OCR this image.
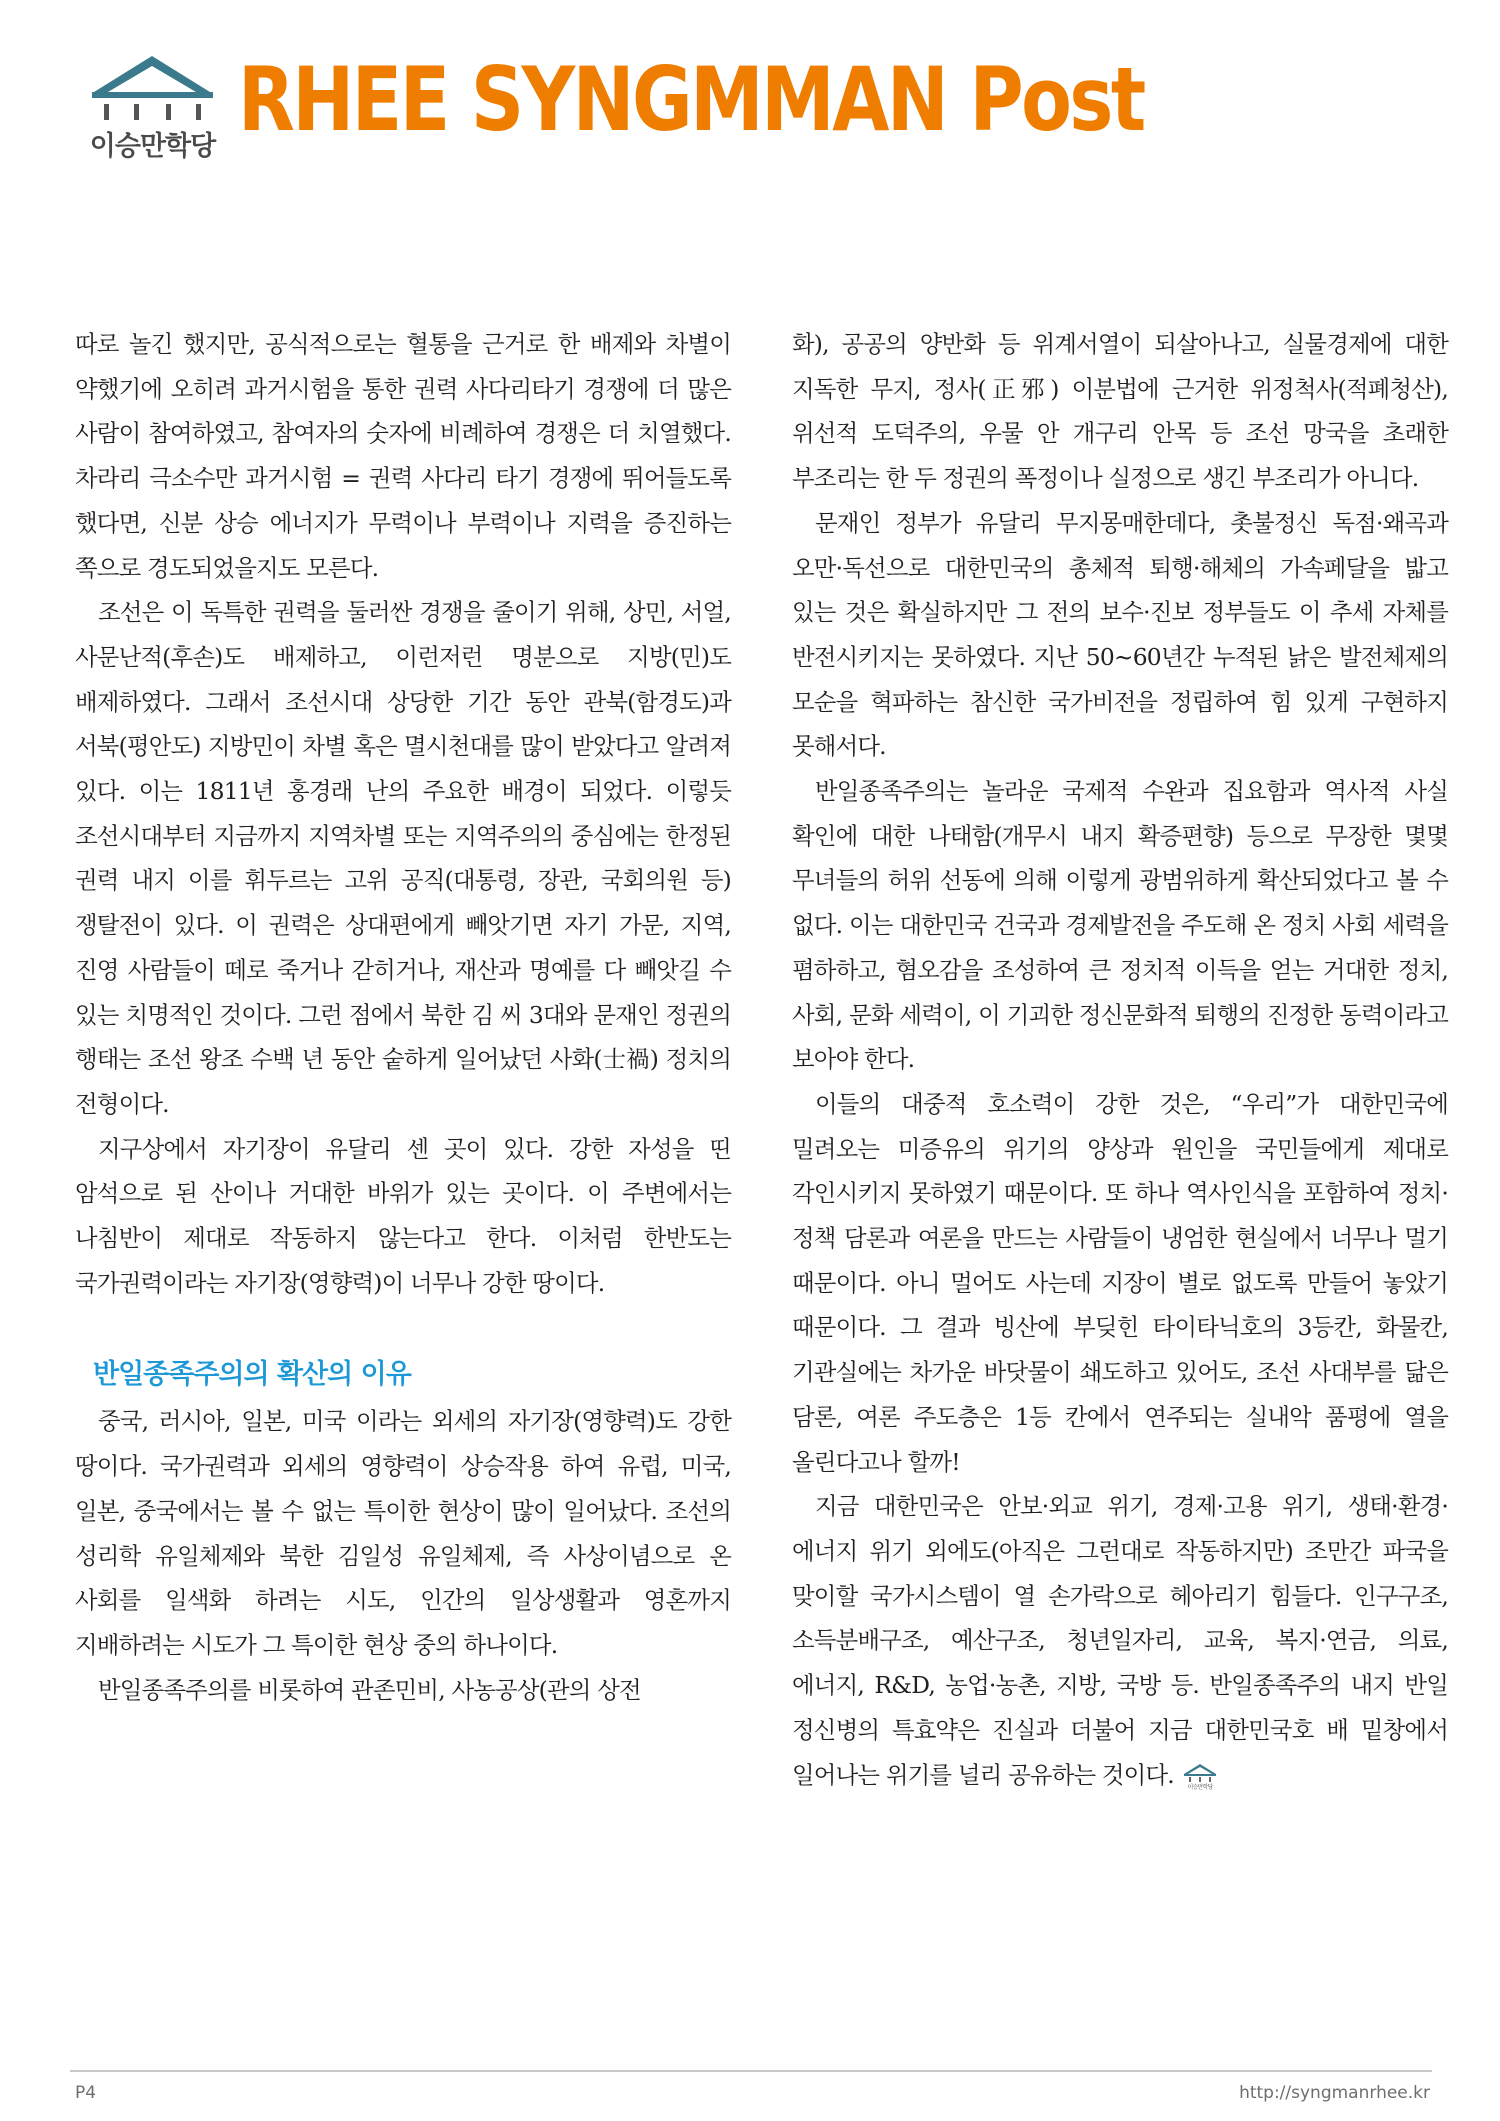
이승만학당 RHEE SYNGMMAN Post

따로 놀긴 했지만, 공식적으로는 혈통을 근거로 한 배제와 차별이 약했기에 오히려 과거시험을 통한 권력 사다리타기 경쟁에 더 많은 사람이 참여하였고, 참여자의 숫자에 비례하여 경쟁은 더 치열했다. 차라리 극소수만 과거시험 = 권력 사다리 타기 경쟁에 뛰어들도록 했다면, 신분 상승 에너지가 무력이나 부력이나 지력을 증진하는 쪽으로 경도되었을지도 모른다.

조선은 이 독특한 권력을 둘러싼 경쟁을 줄이기 위해, 상민, 서얼, 사문난적(후손)도 배제하고, 이런저런 명분으로 지방(민)도 배제하였다. 그래서 조선시대 상당한 기간 동안 관북(함경도)과 서북(평안도) 지방민이 차별 혹은 멸시천대를 많이 받았다고 알려져 있다. 이는 1811년 홍경래 난의 주요한 배경이 되었다. 이렇듯 조선시대부터 지금까지 지역차별 또는 지역주의의 중심에는 한정된 권력 내지 이를 휘두르는 고위 공직(대통령, 장관, 국회의원 등) 쟁탈전이 있다. 이 권력은 상대편에게 빼앗기면 자기 가문, 지역, 진영 사람들이 떼로 죽거나 갇히거나, 재산과 명예를 다 빼앗길 수 있는 치명적인 것이다. 그런 점에서 북한 김 씨 3대와 문재인 정권의 행태는 조선 왕조 수백 년 동안 숱하게 일어났던 사화(士禍) 정치의 전형이다.

지구상에서 자기장이 유달리 센 곳이 있다. 강한 자성을 띤 암석으로 된 산이나 거대한 바위가 있는 곳이다. 이 주변에서는 나침반이 제대로 작동하지 않는다고 한다. 이처럼 한반도는 국가권력이라는 자기장(영향력)이 너무나 강한 땅이다.

반일종족주의의 확산의 이유

중국, 러시아, 일본, 미국 이라는 외세의 자기장(영향력)도 강한 땅이다. 국가권력과 외세의 영향력이 상승작용 하여 유럽, 미국, 일본, 중국에서는 볼 수 없는 특이한 현상이 많이 일어났다. 조선의 성리학 유일체제와 북한 김일성 유일체제, 즉 사상이념으로 온 사회를 일색화 하려는 시도, 인간의 일상생활과 영혼까지 지배하려는 시도가 그 특이한 현상 중의 하나이다.

반일종족주의를 비롯하여 관존민비, 사농공상(관의 상전

화), 공공의 양반화 등 위계서열이 되살아나고, 실물경제에 대한 지독한 무지, 정사(正邪) 이분법에 근거한 위정척사(적폐청산), 위선적 도덕주의, 우물 안 개구리 안목 등 조선 망국을 초래한 부조리는 한 두 정권의 폭정이나 실정으로 생긴 부조리가 아니다.

문재인 정부가 유달리 무지몽매한데다, 촛불정신 독점·왜곡과 오만·독선으로 대한민국의 총체적 퇴행·해체의 가속페달을 밟고 있는 것은 확실하지만 그 전의 보수·진보 정부들도 이 추세 자체를 반전시키지는 못하였다. 지난 50~60년간 누적된 낡은 발전체제의 모순을 혁파하는 참신한 국가비전을 정립하여 힘 있게 구현하지 못해서다.

반일종족주의는 놀라운 국제적 수완과 집요함과 역사적 사실 확인에 대한 나태함(개무시 내지 확증편향) 등으로 무장한 몇몇 무녀들의 허위 선동에 의해 이렇게 광범위하게 확산되었다고 볼 수 없다. 이는 대한민국 건국과 경제발전을 주도해 온 정치 사회 세력을 폄하하고, 혐오감을 조성하여 큰 정치적 이득을 얻는 거대한 정치, 사회, 문화 세력이, 이 기괴한 정신문화적 퇴행의 진정한 동력이라고 보아야 한다.

이들의 대중적 호소력이 강한 것은, “우리”가 대한민국에 밀려오는 미증유의 위기의 양상과 원인을 국민들에게 제대로 각인시키지 못하였기 때문이다. 또 하나 역사인식을 포함하여 정치·정책 담론과 여론을 만드는 사람들이 냉엄한 현실에서 너무나 멀기 때문이다. 아니 멀어도 사는데 지장이 별로 없도록 만들어 놓았기 때문이다. 그 결과 빙산에 부딪힌 타이타닉호의 3등칸, 화물칸, 기관실에는 차가운 바닷물이 쇄도하고 있어도, 조선 사대부를 닮은 담론, 여론 주도층은 1등 칸에서 연주되는 실내악 품평에 열을 올린다고나 할까!

지금 대한민국은 안보·외교 위기, 경제·고용 위기, 생태·환경·에너지 위기 외에도(아직은 그런대로 작동하지만) 조만간 파국을 맞이할 국가시스템이 열 손가락으로 헤아리기 힘들다. 인구구조, 소득분배구조, 예산구조, 청년일자리, 교육, 복지·연금, 의료, 에너지, R&D, 농업·농촌, 지방, 국방 등. 반일종족주의 내지 반일 정신병의 특효약은 진실과 더불어 지금 대한민국호 배 밑창에서 일어나는 위기를 널리 공유하는 것이다. 이승만학당

P4	http://syngmanrhee.kr
